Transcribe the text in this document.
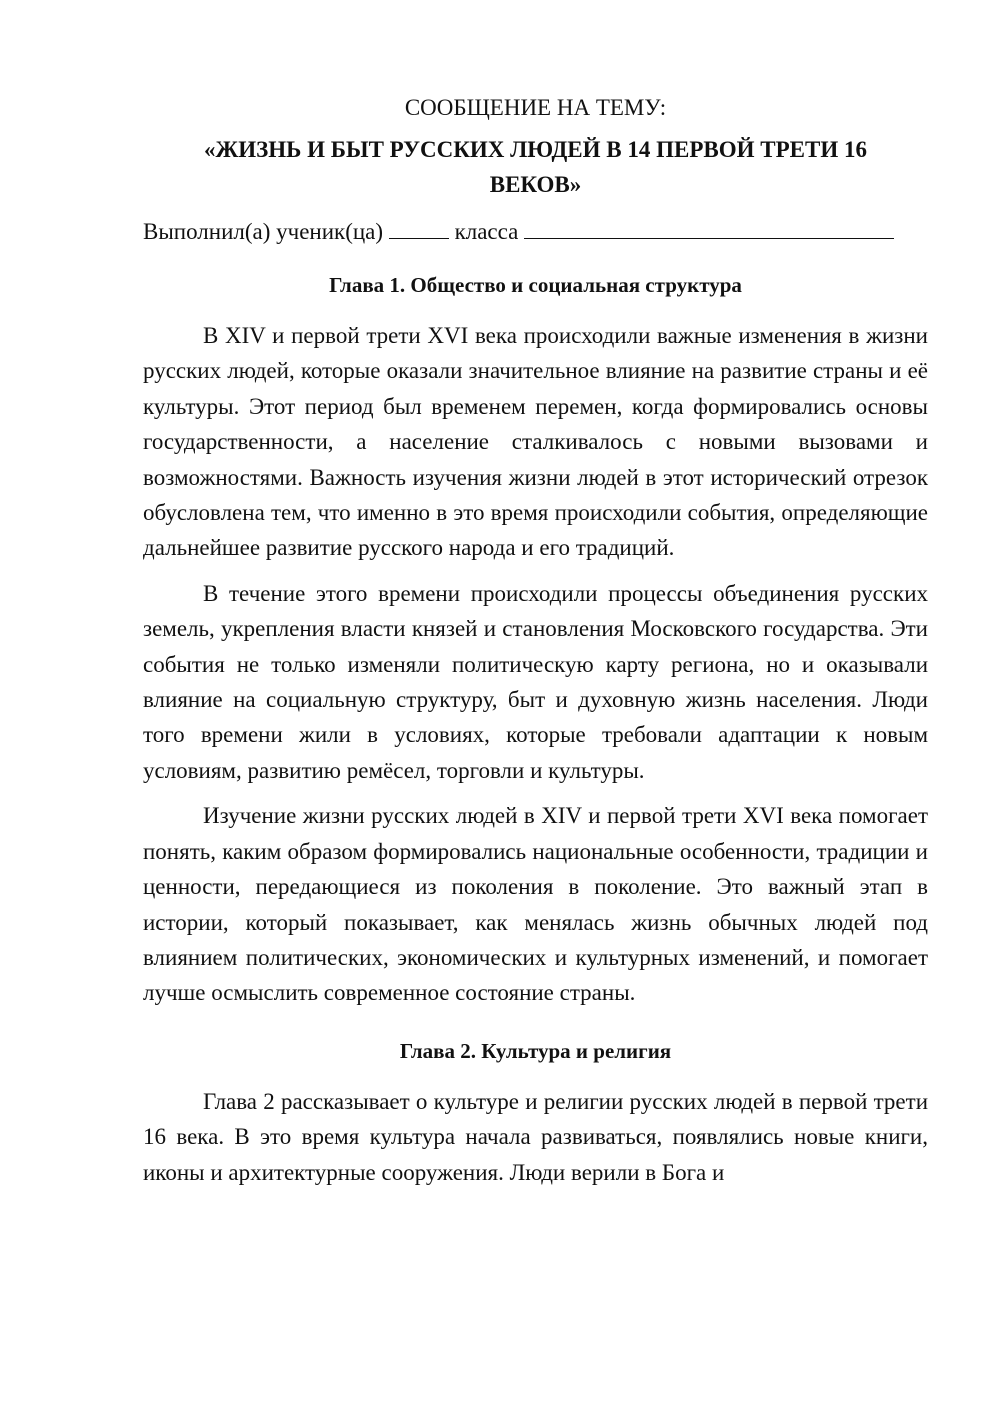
СООБЩЕНИЕ НА ТЕМУ:
«ЖИЗНЬ И БЫТ РУССКИХ ЛЮДЕЙ В 14 ПЕРВОЙ ТРЕТИ 16 ВЕКОВ»
Выполнил(а) ученик(ца)	класса
Глава 1. Общество и социальная структура

В XIV и первой трети XVI века происходили важные изменения в жизни русских людей, которые оказали значительное влияние на развитие страны и её культуры. Этот период был временем перемен, когда формировались основы государственности, а население сталкивалось с новыми вызовами и возможностями. Важность изучения жизни людей в этот исторический отрезок обусловлена тем, что именно в это время происходили события, определяющие дальнейшее развитие русского народа и его традиций.

В течение этого времени происходили процессы объединения русских земель, укрепления власти князей и становления Московского государства. Эти события не только изменяли политическую карту региона, но и оказывали влияние на социальную структуру, быт и духовную жизнь населения. Люди того времени жили в условиях, которые требовали адаптации к новым условиям, развитию ремёсел, торговли и культуры.

Изучение жизни русских людей в XIV и первой трети XVI века помогает понять, каким образом формировались национальные особенности, традиции и ценности, передающиеся из поколения в поколение. Это важный этап в истории, который показывает, как менялась жизнь обычных людей под влиянием политических, экономических и культурных изменений, и помогает лучше осмыслить современное состояние страны.

Глава 2. Культура и религия

Глава 2 рассказывает о культуре и религии русских людей в первой трети 16 века. В это время культура начала развиваться, появлялись новые книги, иконы и архитектурные сооружения. Люди верили в Бога и
